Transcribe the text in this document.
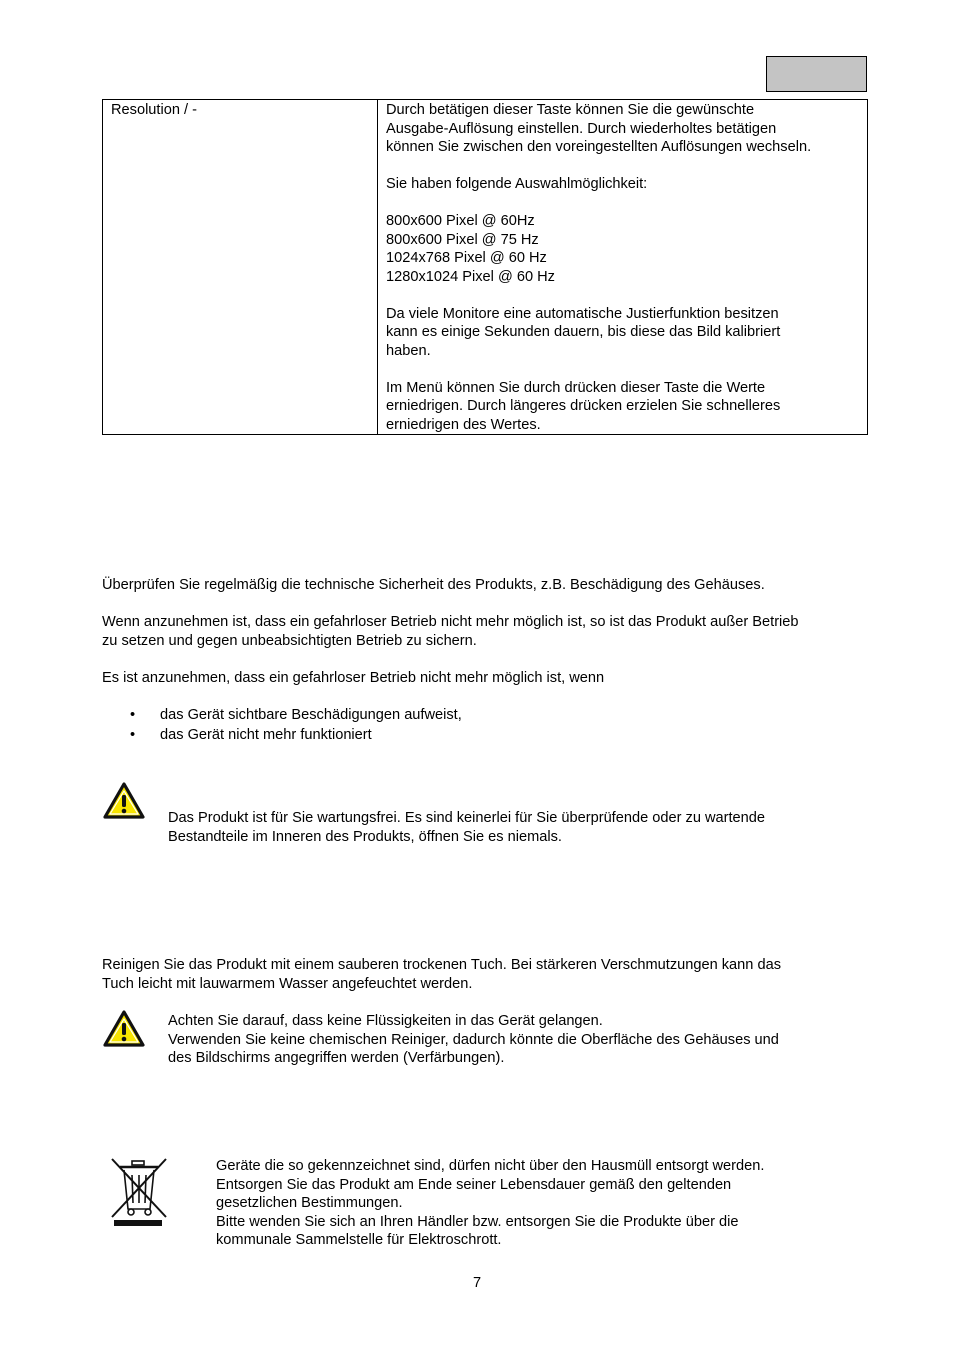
Resolution / -	Durch betätigen dieser Taste können Sie die gewünschte
Ausgabe-Auflösung einstellen. Durch wiederholtes betätigen
können Sie zwischen den voreingestellten Auflösungen wechseln.
Sie haben folgende Auswahlmöglichkeit:
800x600 Pixel @ 60Hz
800x600 Pixel @ 75 Hz
1024x768 Pixel @ 60 Hz
1280x1024 Pixel @ 60 Hz
Da viele Monitore eine automatische Justierfunktion besitzen
kann es einige Sekunden dauern, bis diese das Bild kalibriert
haben.
Im Menü können Sie durch drücken dieser Taste die Werte
erniedrigen. Durch längeres drücken erzielen Sie schnelleres
erniedrigen des Wertes.
Überprüfen Sie regelmäßig die technische Sicherheit des Produkts, z.B. Beschädigung des Gehäuses.
Wenn anzunehmen ist, dass ein gefahrloser Betrieb nicht mehr möglich ist, so ist das Produkt außer Betrieb
zu setzen und gegen unbeabsichtigten Betrieb zu sichern.
Es ist anzunehmen, dass ein gefahrloser Betrieb nicht mehr möglich ist, wenn
• das Gerät sichtbare Beschädigungen aufweist,
• das Gerät nicht mehr funktioniert
Das Produkt ist für Sie wartungsfrei. Es sind keinerlei für Sie überprüfende oder zu wartende
Bestandteile im Inneren des Produkts, öffnen Sie es niemals.
Reinigen Sie das Produkt mit einem sauberen trockenen Tuch. Bei stärkeren Verschmutzungen kann das
Tuch leicht mit lauwarmem Wasser angefeuchtet werden.
Achten Sie darauf, dass keine Flüssigkeiten in das Gerät gelangen.
Verwenden Sie keine chemischen Reiniger, dadurch könnte die Oberfläche des Gehäuses und
des Bildschirms angegriffen werden (Verfärbungen).
Geräte die so gekennzeichnet sind, dürfen nicht über den Hausmüll entsorgt werden.
Entsorgen Sie das Produkt am Ende seiner Lebensdauer gemäß den geltenden
gesetzlichen Bestimmungen.
Bitte wenden Sie sich an Ihren Händler bzw. entsorgen Sie die Produkte über die
kommunale Sammelstelle für Elektroschrott.
7
